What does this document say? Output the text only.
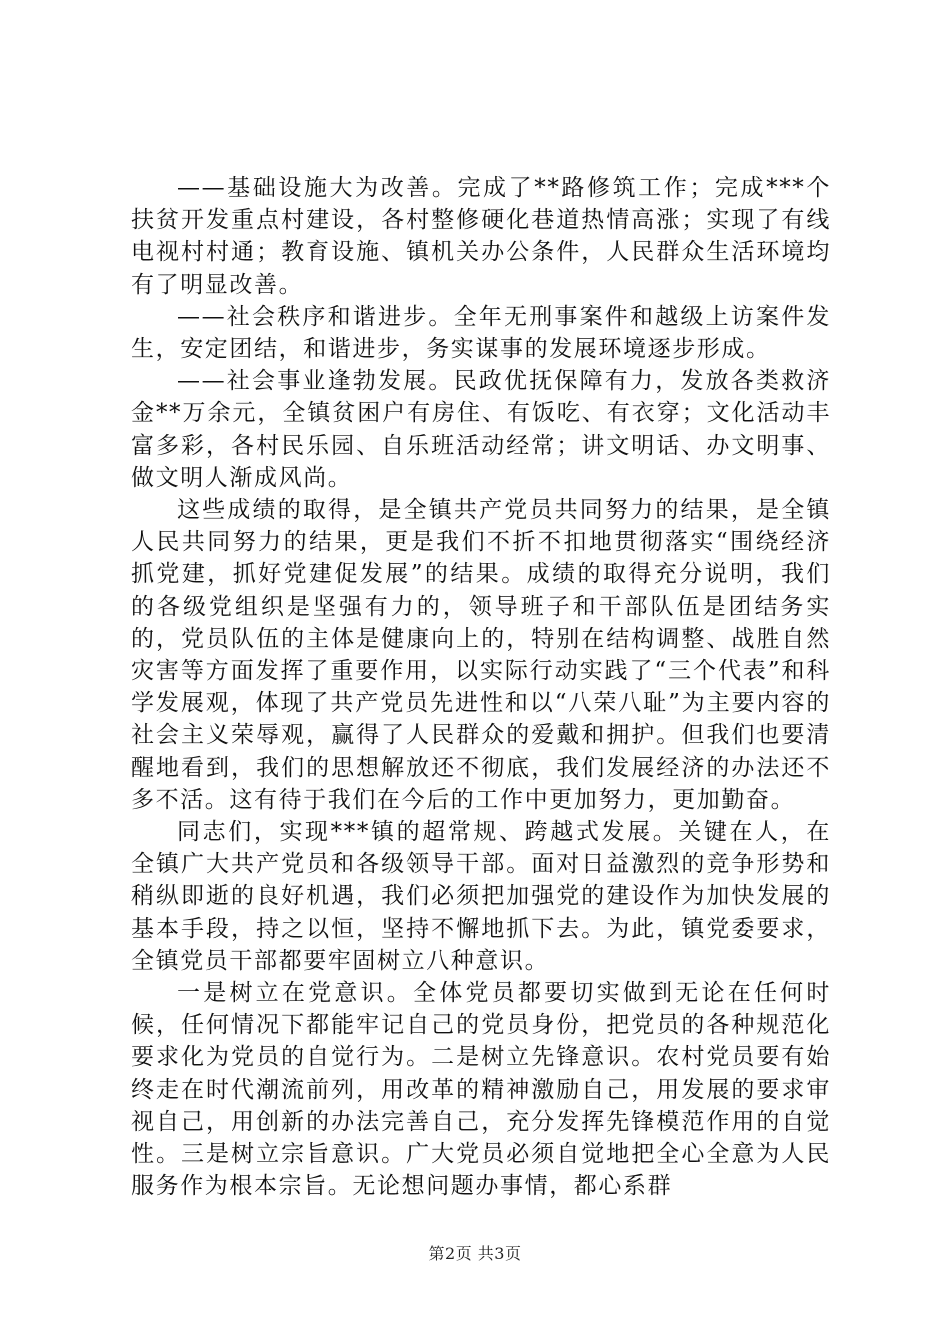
——基础设施大为改善。完成了**路修筑工作；完成***个扶贫开发重点村建设，各村整修硬化巷道热情高涨；实现了有线电视村村通；教育设施、镇机关办公条件，人民群众生活环境均有了明显改善。

——社会秩序和谐进步。全年无刑事案件和越级上访案件发生，安定团结，和谐进步，务实谋事的发展环境逐步形成。

——社会事业逢勃发展。民政优抚保障有力，发放各类救济金**万余元，全镇贫困户有房住、有饭吃、有衣穿；文化活动丰富多彩，各村民乐园、自乐班活动经常；讲文明话、办文明事、做文明人渐成风尚。

这些成绩的取得，是全镇共产党员共同努力的结果，是全镇人民共同努力的结果，更是我们不折不扣地贯彻落实“围绕经济抓党建，抓好党建促发展”的结果。成绩的取得充分说明，我们的各级党组织是坚强有力的，领导班子和干部队伍是团结务实的，党员队伍的主体是健康向上的，特别在结构调整、战胜自然灾害等方面发挥了重要作用，以实际行动实践了“三个代表”和科学发展观，体现了共产党员先进性和以“八荣八耻”为主要内容的社会主义荣辱观，赢得了人民群众的爱戴和拥护。但我们也要清醒地看到，我们的思想解放还不彻底，我们发展经济的办法还不多不活。这有待于我们在今后的工作中更加努力，更加勤奋。

同志们，实现***镇的超常规、跨越式发展。关键在人，在全镇广大共产党员和各级领导干部。面对日益激烈的竞争形势和稍纵即逝的良好机遇，我们必须把加强党的建设作为加快发展的基本手段，持之以恒，坚持不懈地抓下去。为此，镇党委要求，全镇党员干部都要牢固树立八种意识。

一是树立在党意识。全体党员都要切实做到无论在任何时候，任何情况下都能牢记自己的党员身份，把党员的各种规范化要求化为党员的自觉行为。二是树立先锋意识。农村党员要有始终走在时代潮流前列，用改革的精神激励自己，用发展的要求审视自己，用创新的办法完善自己，充分发挥先锋模范作用的自觉性。三是树立宗旨意识。广大党员必须自觉地把全心全意为人民服务作为根本宗旨。无论想问题办事情，都心系群

第2页 共3页
